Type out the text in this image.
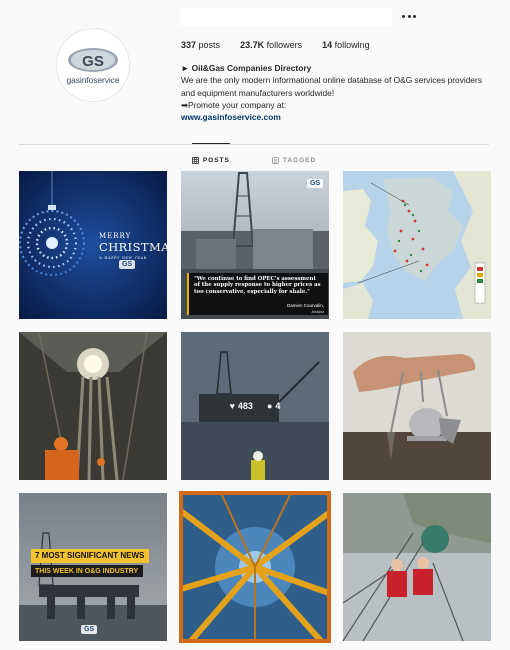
GS
gasinfoservice
337 posts 23.7K followers 14 following
► Oil&Gas Companies Directory
We are the only modern informational online database of O&G services providers
and equipment manufacturers worldwide!
➡Promote your company at:
www.gasinfoservice.com
POSTS	TAGGED
MERRY
CHRISTMAS
& HAPPY NEW YEAR
GS
GS
"We continue to find OPEC's assessment of the supply response to higher prices as too conservative, especially for shale."
Damien Courvalin,
Analyst
♥ 483 ● 4
7 MOST SIGNIFICANT NEWS
THIS WEEK IN O&G INDUSTRY
GS
